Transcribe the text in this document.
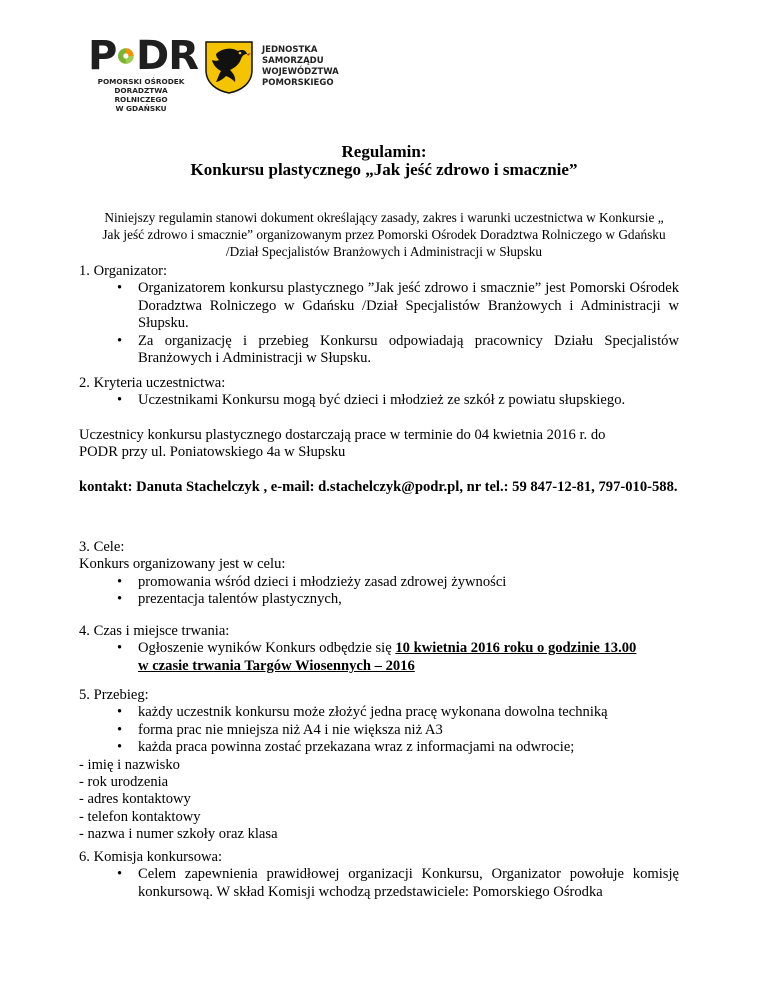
P DR
POMORSKI OŚRODEK
DORADZTWA ROLNICZEGO
W GDAŃSKU
JEDNOSTKA
SAMORZĄDU
WOJEWÓDZTWA
POMORSKIEGO
Regulamin:
Konkursu plastycznego „Jak jeść zdrowo i smacznie”
Niniejszy regulamin stanowi dokument określający zasady, zakres i warunki uczestnictwa w Konkursie „ Jak jeść zdrowo i smacznie” organizowanym przez Pomorski Ośrodek Doradztwa Rolniczego w Gdańsku /Dział Specjalistów Branżowych i Administracji w Słupsku
1. Organizator:
• Organizatorem konkursu plastycznego ”Jak jeść zdrowo i smacznie” jest Pomorski Ośrodek Doradztwa Rolniczego w Gdańsku /Dział Specjalistów Branżowych i Administracji w Słupsku.
• Za organizację i przebieg Konkursu odpowiadają pracownicy Działu Specjalistów Branżowych i Administracji w Słupsku.
2. Kryteria uczestnictwa:
• Uczestnikami Konkursu mogą być dzieci i młodzież ze szkół z powiatu słupskiego.
Uczestnicy konkursu plastycznego dostarczają prace w terminie do 04 kwietnia 2016 r. do PODR przy ul. Poniatowskiego 4a w Słupsku
kontakt: Danuta Stachelczyk , e-mail: d.stachelczyk@podr.pl, nr tel.: 59 847-12-81, 797-010-588.
3. Cele:
Konkurs organizowany jest w celu:
• promowania wśród dzieci i młodzieży zasad zdrowej żywności
• prezentacja talentów plastycznych,
4. Czas i miejsce trwania:
• Ogłoszenie wyników Konkurs odbędzie się 10 kwietnia 2016 roku o godzinie 13.00
w czasie trwania Targów Wiosennych – 2016
5. Przebieg:
• każdy uczestnik konkursu może złożyć jedna pracę wykonana dowolna techniką
• forma prac nie mniejsza niż A4 i nie większa niż A3
• każda praca powinna zostać przekazana wraz z informacjami na odwrocie;
- imię i nazwisko
- rok urodzenia
- adres kontaktowy
- telefon kontaktowy
- nazwa i numer szkoły oraz klasa
6. Komisja konkursowa:
• Celem zapewnienia prawidłowej organizacji Konkursu, Organizator powołuje komisję konkursową. W skład Komisji wchodzą przedstawiciele: Pomorskiego Ośrodka
